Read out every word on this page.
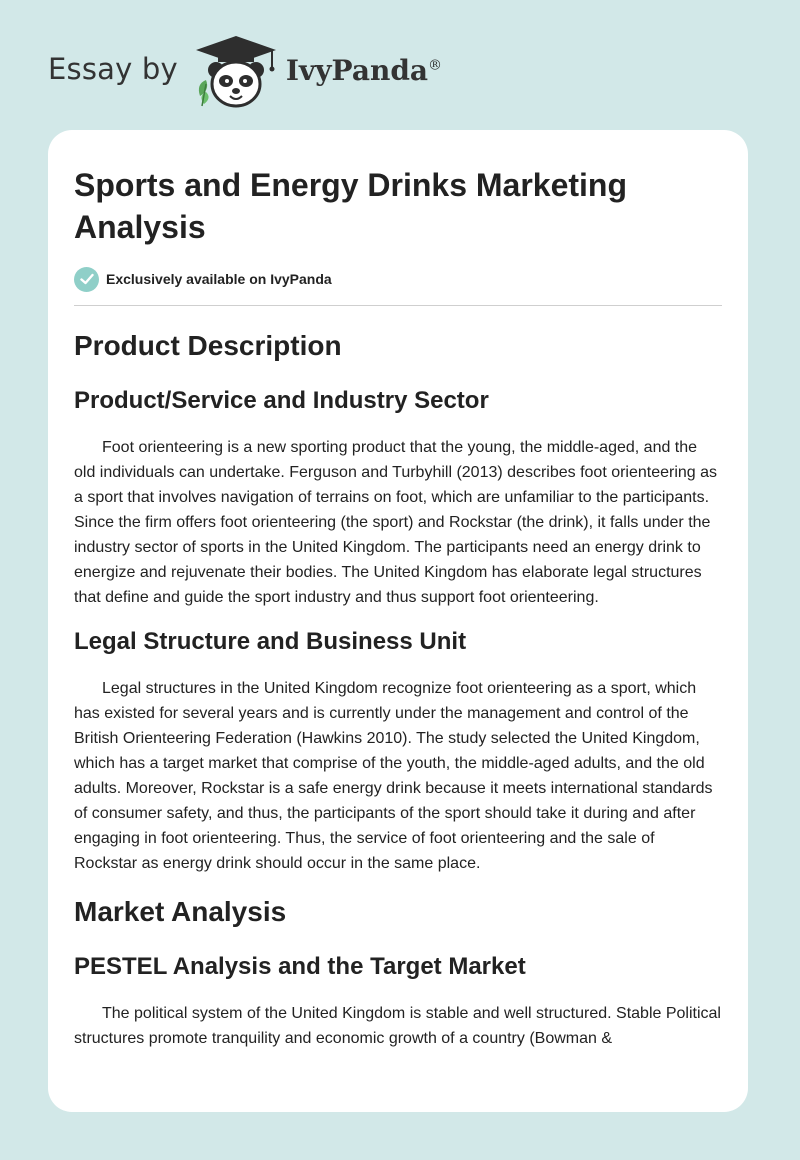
Essay by	IvyPanda®
Sports and Energy Drinks Marketing Analysis
Exclusively available on IvyPanda
Product Description
Product/Service and Industry Sector

Foot orienteering is a new sporting product that the young, the middle-aged, and the old individuals can undertake. Ferguson and Turbyhill (2013) describes foot orienteering as a sport that involves navigation of terrains on foot, which are unfamiliar to the participants. Since the firm offers foot orienteering (the sport) and Rockstar (the drink), it falls under the industry sector of sports in the United Kingdom. The participants need an energy drink to energize and rejuvenate their bodies. The United Kingdom has elaborate legal structures that define and guide the sport industry and thus support foot orienteering.

Legal Structure and Business Unit

Legal structures in the United Kingdom recognize foot orienteering as a sport, which has existed for several years and is currently under the management and control of the British Orienteering Federation (Hawkins 2010). The study selected the United Kingdom, which has a target market that comprise of the youth, the middle-aged adults, and the old adults. Moreover, Rockstar is a safe energy drink because it meets international standards of consumer safety, and thus, the participants of the sport should take it during and after engaging in foot orienteering. Thus, the service of foot orienteering and the sale of Rockstar as energy drink should occur in the same place.

Market Analysis
PESTEL Analysis and the Target Market

The political system of the United Kingdom is stable and well structured. Stable Political structures promote tranquility and economic growth of a country (Bowman &
